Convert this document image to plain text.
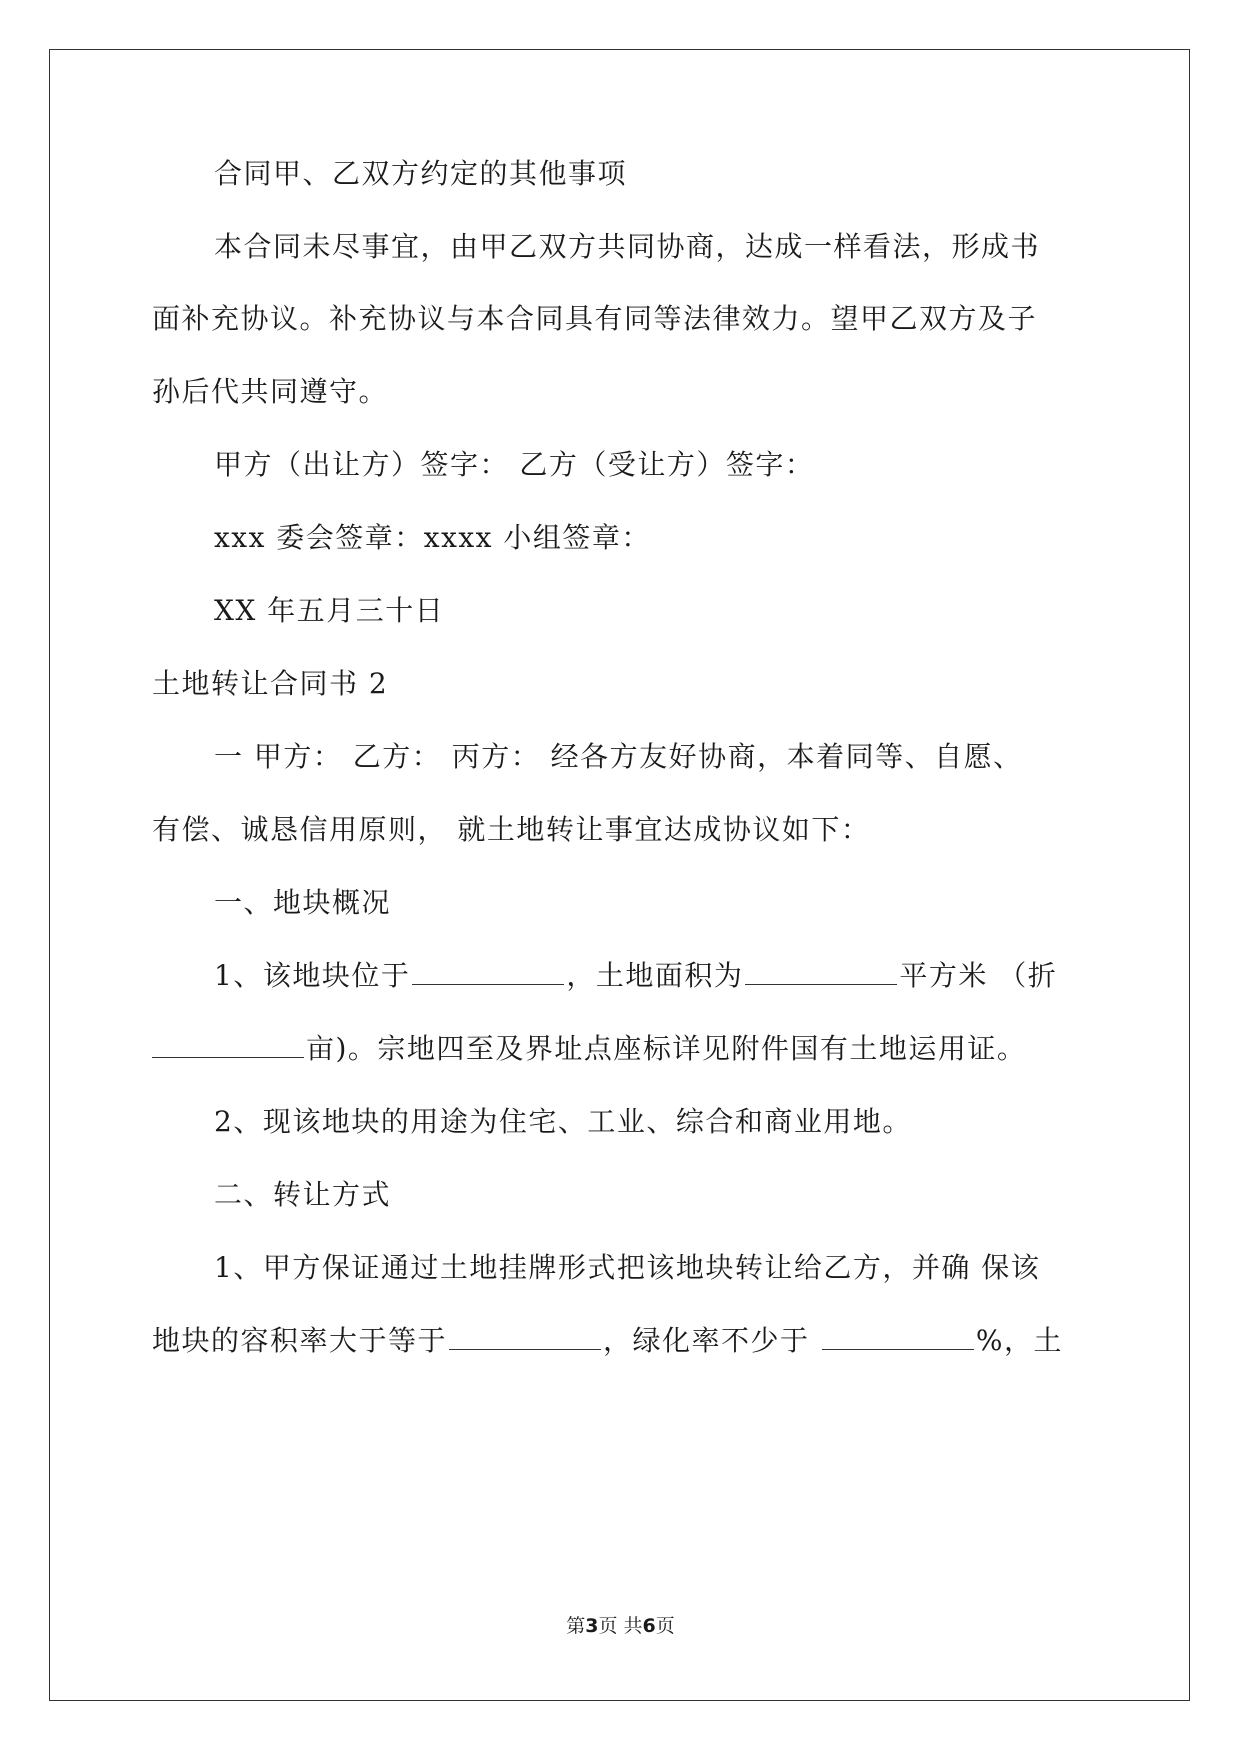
合同甲、乙双方约定的其他事项
本合同未尽事宜，由甲乙双方共同协商，达成一样看法，形成书
面补充协议。补充协议与本合同具有同等法律效力。望甲乙双方及子
孙后代共同遵守。
甲方（出让方）签字： 乙方（受让方）签字：
xxx 委会签章：xxxx 小组签章：
XX 年五月三十日
土地转让合同书 2
一 甲方： 乙方： 丙方： 经各方友好协商，本着同等、自愿、
有偿、诚恳信用原则， 就土地转让事宜达成协议如下：
一、地块概况
1、该地块位于	，土地面积为	平方米 （折
亩)。宗地四至及界址点座标详见附件国有土地运用证。
2、现该地块的用途为住宅、工业、综合和商业用地。
二、转让方式
1、甲方保证通过土地挂牌形式把该地块转让给乙方，并确 保该
地块的容积率大于等于	，绿化率不少于	%，土
第3页 共6页
